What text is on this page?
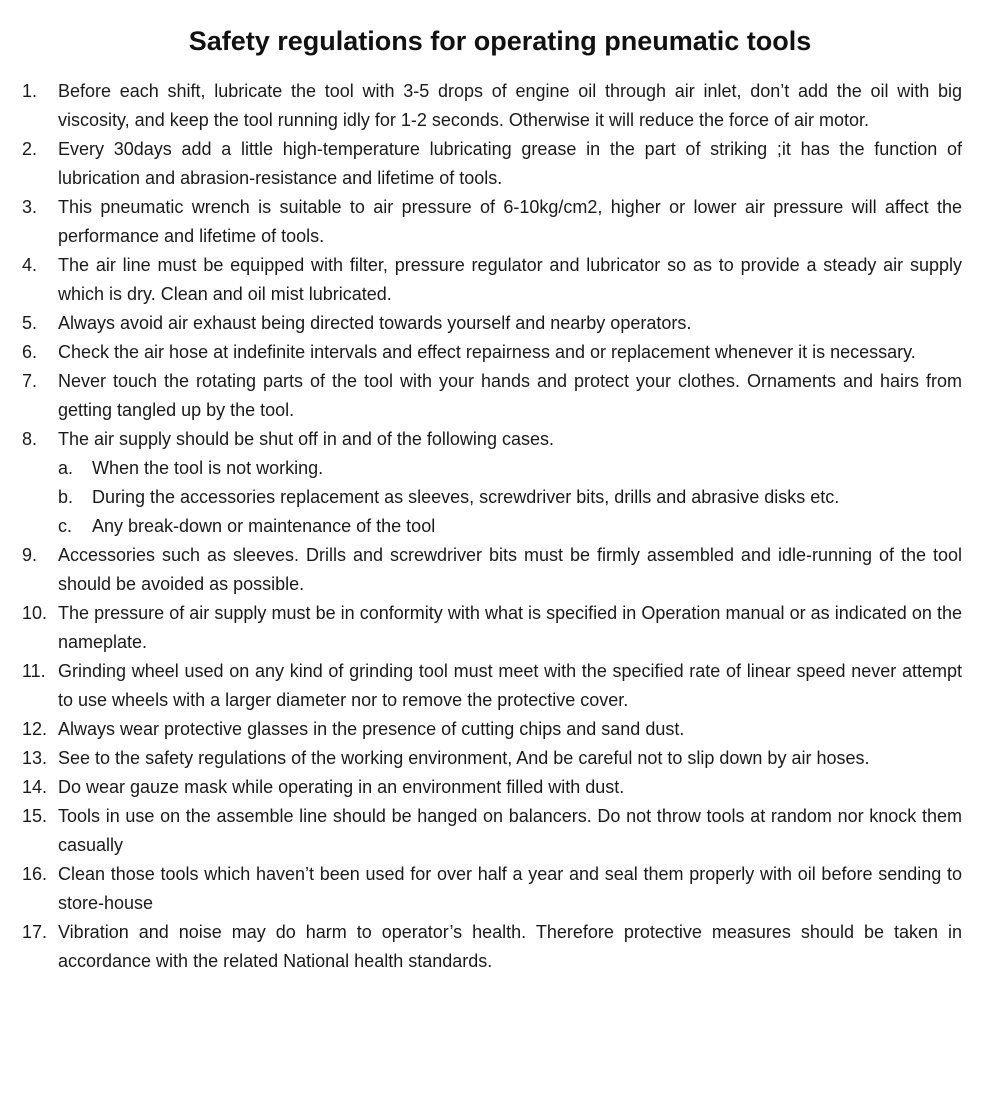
Safety regulations for operating pneumatic tools
1.	Before each shift, lubricate the tool with 3-5 drops of engine oil through air inlet, don’t add the oil with big viscosity, and keep the tool running idly for 1-2 seconds. Otherwise it will reduce the force of air motor.
2.	Every 30days add a little high-temperature lubricating grease in the part of striking ;it has the function of lubrication and abrasion-resistance and lifetime of tools.
3.	This pneumatic wrench is suitable to air pressure of 6-10kg/cm2, higher or lower air pressure will affect the performance and lifetime of tools.
4.	The air line must be equipped with filter, pressure regulator and lubricator so as to provide a steady air supply which is dry. Clean and oil mist lubricated.
5.	Always avoid air exhaust being directed towards yourself and nearby operators.
6.	Check the air hose at indefinite intervals and effect repairness and or replacement whenever it is necessary.
7.	Never touch the rotating parts of the tool with your hands and protect your clothes. Ornaments and hairs from getting tangled up by the tool.
8.	The air supply should be shut off in and of the following cases.
a.	When the tool is not working.
b.	During the accessories replacement as sleeves, screwdriver bits, drills and abrasive disks etc.
c.	Any break-down or maintenance of the tool
9.	Accessories such as sleeves. Drills and screwdriver bits must be firmly assembled and idle-running of the tool should be avoided as possible.
10. The pressure of air supply must be in conformity with what is specified in Operation manual or as indicated on the nameplate.
11. Grinding wheel used on any kind of grinding tool must meet with the specified rate of linear speed never attempt to use wheels with a larger diameter nor to remove the protective cover.
12. Always wear protective glasses in the presence of cutting chips and sand dust.
13. See to the safety regulations of the working environment, And be careful not to slip down by air hoses.
14. Do wear gauze mask while operating in an environment filled with dust.
15. Tools in use on the assemble line should be hanged on balancers. Do not throw tools at random nor knock them casually
16. Clean those tools which haven’t been used for over half a year and seal them properly with oil before sending to store-house
17. Vibration and noise may do harm to operator’s health. Therefore protective measures should be taken in accordance with the related National health standards.
